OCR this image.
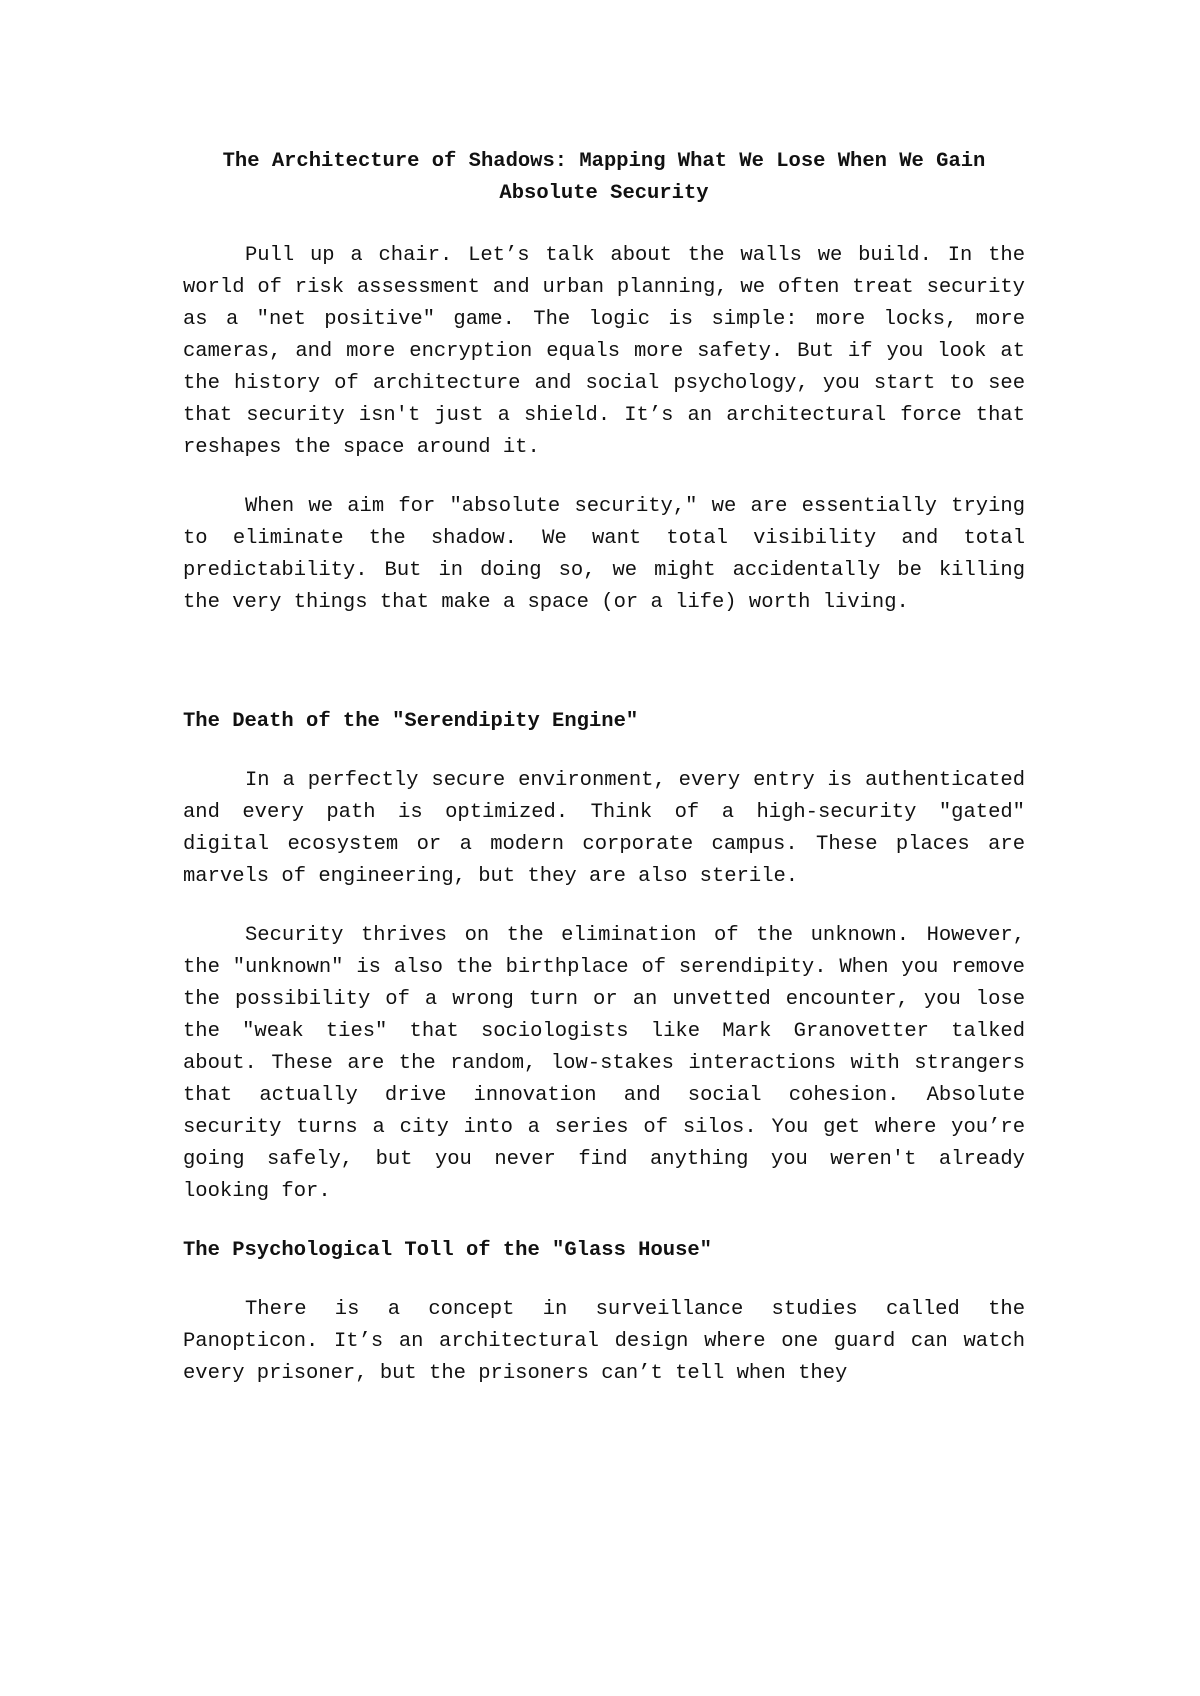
The Architecture of Shadows: Mapping What We Lose When We Gain Absolute Security

Pull up a chair. Let’s talk about the walls we build. In the world of risk assessment and urban planning, we often treat security as a "net positive" game. The logic is simple: more locks, more cameras, and more encryption equals more safety. But if you look at the history of architecture and social psychology, you start to see that security isn't just a shield. It’s an architectural force that reshapes the space around it.

When we aim for "absolute security," we are essentially trying to eliminate the shadow. We want total visibility and total predictability. But in doing so, we might accidentally be killing the very things that make a space (or a life) worth living.

The Death of the "Serendipity Engine"

In a perfectly secure environment, every entry is authenticated and every path is optimized. Think of a high-security "gated" digital ecosystem or a modern corporate campus. These places are marvels of engineering, but they are also sterile.

Security thrives on the elimination of the unknown. However, the "unknown" is also the birthplace of serendipity. When you remove the possibility of a wrong turn or an unvetted encounter, you lose the "weak ties" that sociologists like Mark Granovetter talked about. These are the random, low-stakes interactions with strangers that actually drive innovation and social cohesion. Absolute security turns a city into a series of silos. You get where you’re going safely, but you never find anything you weren't already looking for.

The Psychological Toll of the "Glass House"

There is a concept in surveillance studies called the Panopticon. It’s an architectural design where one guard can watch every prisoner, but the prisoners can’t tell when they
